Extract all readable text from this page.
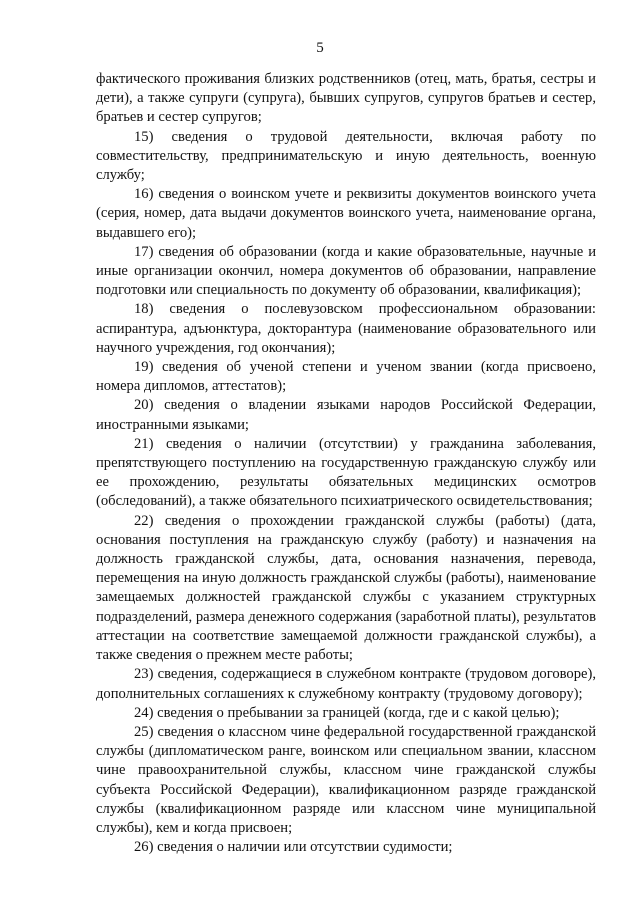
5

фактического проживания близких родственников (отец, мать, братья, сестры и дети), а также супруги (супруга), бывших супругов, супругов братьев и сестер, братьев и сестер супругов;

15) сведения о трудовой деятельности, включая работу по совместительству, предпринимательскую и иную деятельность, военную службу;

16) сведения о воинском учете и реквизиты документов воинского учета (серия, номер, дата выдачи документов воинского учета, наименование органа, выдавшего его);

17) сведения об образовании (когда и какие образовательные, научные и иные организации окончил, номера документов об образовании, направление подготовки или специальность по документу об образовании, квалификация);

18) сведения о послевузовском профессиональном образовании: аспирантура, адъюнктура, докторантура (наименование образовательного или научного учреждения, год окончания);

19) сведения об ученой степени и ученом звании (когда присвоено, номера дипломов, аттестатов);

20) сведения о владении языками народов Российской Федерации, иностранными языками;

21) сведения о наличии (отсутствии) у гражданина заболевания, препятствующего поступлению на государственную гражданскую службу или ее прохождению, результаты обязательных медицинских осмотров (обследований), а также обязательного психиатрического освидетельствования;

22) сведения о прохождении гражданской службы (работы) (дата, основания поступления на гражданскую службу (работу) и назначения на должность гражданской службы, дата, основания назначения, перевода, перемещения на иную должность гражданской службы (работы), наименование замещаемых должностей гражданской службы с указанием структурных подразделений, размера денежного содержания (заработной платы), результатов аттестации на соответствие замещаемой должности гражданской службы), а также сведения о прежнем месте работы;

23) сведения, содержащиеся в служебном контракте (трудовом договоре), дополнительных соглашениях к служебному контракту (трудовому договору);

24) сведения о пребывании за границей (когда, где и с какой целью);

25) сведения о классном чине федеральной государственной гражданской службы (дипломатическом ранге, воинском или специальном звании, классном чине правоохранительной службы, классном чине гражданской службы субъекта Российской Федерации), квалификационном разряде гражданской службы (квалификационном разряде или классном чине муниципальной службы), кем и когда присвоен;

26) сведения о наличии или отсутствии судимости;
